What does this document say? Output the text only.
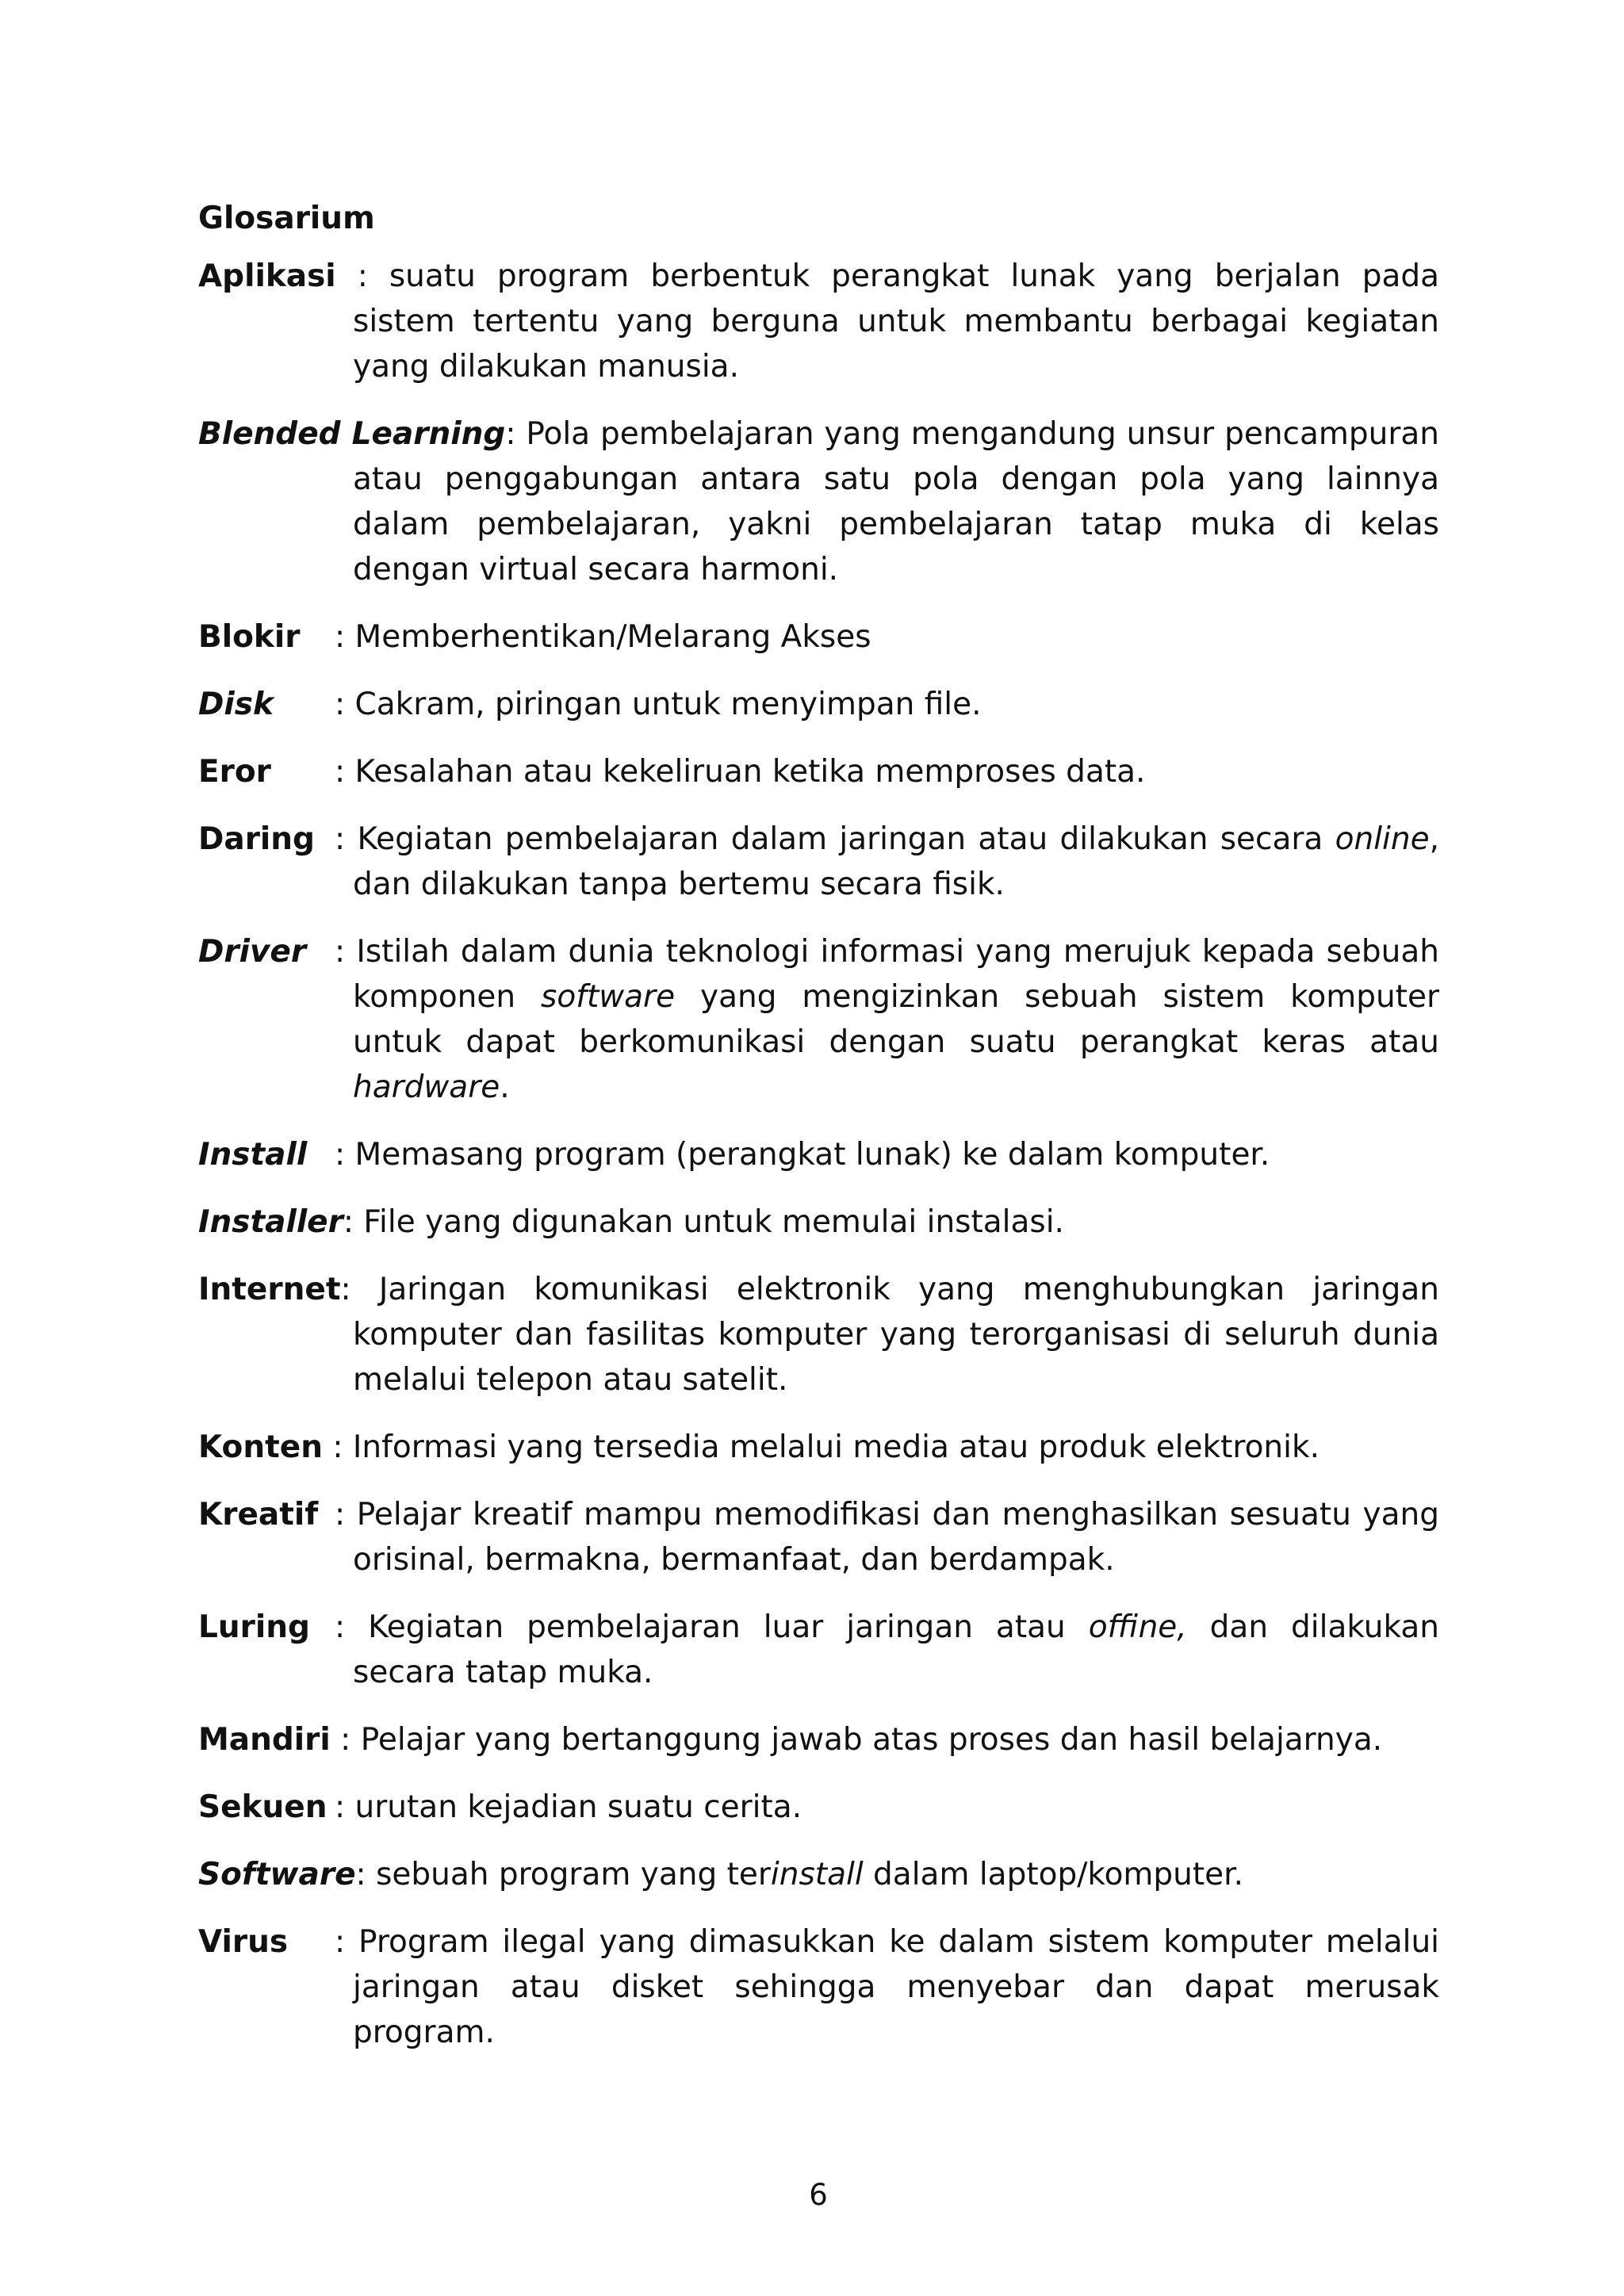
Glosarium
Aplikasi : suatu program berbentuk perangkat lunak yang berjalan pada sistem tertentu yang berguna untuk membantu berbagai kegiatan yang dilakukan manusia.
Blended Learning: Pola pembelajaran yang mengandung unsur pencampuran atau penggabungan antara satu pola dengan pola yang lainnya dalam pembelajaran, yakni pembelajaran tatap muka di kelas dengan virtual secara harmoni.
Blokir : Memberhentikan/Melarang Akses
Disk : Cakram, piringan untuk menyimpan file.
Eror : Kesalahan atau kekeliruan ketika memproses data.
Daring : Kegiatan pembelajaran dalam jaringan atau dilakukan secara online, dan dilakukan tanpa bertemu secara fisik.
Driver : Istilah dalam dunia teknologi informasi yang merujuk kepada sebuah komponen software yang mengizinkan sebuah sistem komputer untuk dapat berkomunikasi dengan suatu perangkat keras atau hardware.
Install : Memasang program (perangkat lunak) ke dalam komputer.
Installer: File yang digunakan untuk memulai instalasi.
Internet: Jaringan komunikasi elektronik yang menghubungkan jaringan komputer dan fasilitas komputer yang terorganisasi di seluruh dunia melalui telepon atau satelit.
Konten : Informasi yang tersedia melalui media atau produk elektronik.
Kreatif : Pelajar kreatif mampu memodifikasi dan menghasilkan sesuatu yang orisinal, bermakna, bermanfaat, dan berdampak.
Luring : Kegiatan pembelajaran luar jaringan atau offine, dan dilakukan secara tatap muka.
Mandiri : Pelajar yang bertanggung jawab atas proses dan hasil belajarnya.
Sekuen : urutan kejadian suatu cerita.
Software: sebuah program yang terinstall dalam laptop/komputer.
Virus : Program ilegal yang dimasukkan ke dalam sistem komputer melalui jaringan atau disket sehingga menyebar dan dapat merusak program.
6
